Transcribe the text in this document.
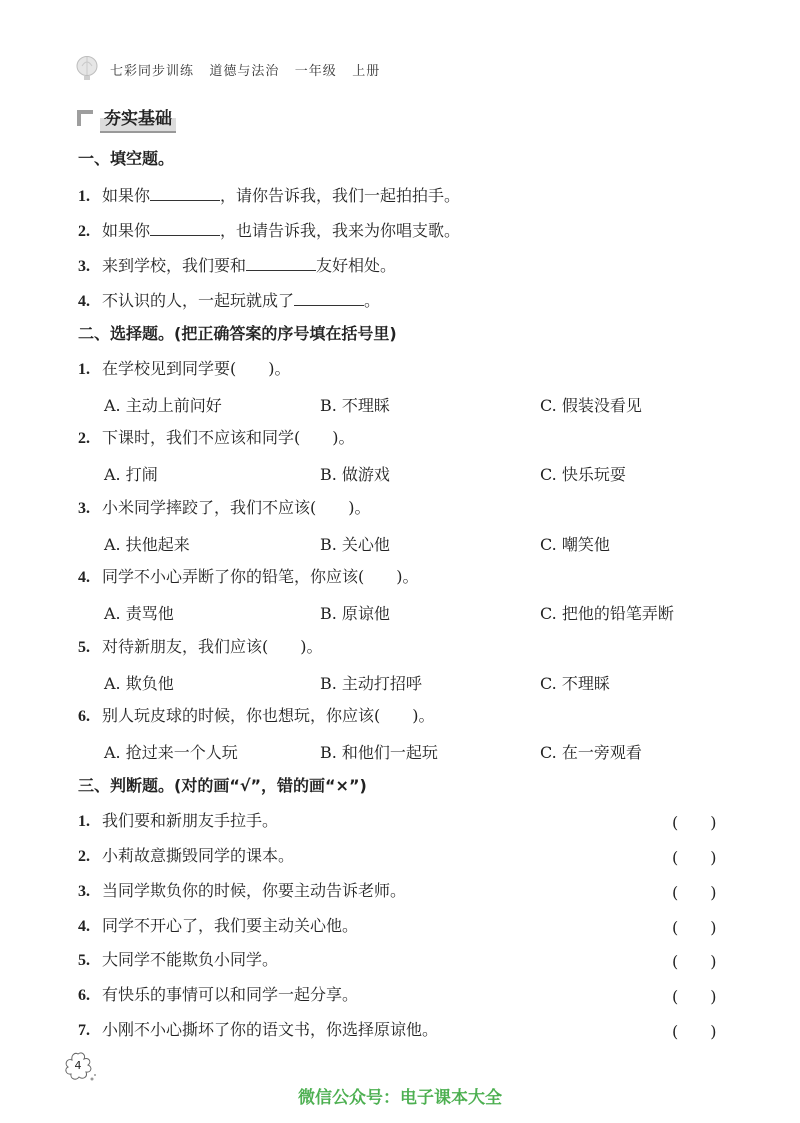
七彩同步训练   道德与法治   一年级   上册
夯实基础
一、填空题。
1. 如果你	，请你告诉我，我们一起拍拍手。
2. 如果你	，也请告诉我，我来为你唱支歌。
3. 来到学校，我们要和	友好相处。
4. 不认识的人，一起玩就成了	。
二、选择题。(把正确答案的序号填在括号里)
1. 在学校见到同学要(　　)。
A. 主动上前问好	B. 不理睬	C. 假装没看见
2. 下课时，我们不应该和同学(　　)。
A. 打闹	B. 做游戏	C. 快乐玩耍
3. 小米同学摔跤了，我们不应该(　　)。
A. 扶他起来	B. 关心他	C. 嘲笑他
4. 同学不小心弄断了你的铅笔，你应该(　　)。
A. 责骂他	B. 原谅他	C. 把他的铅笔弄断
5. 对待新朋友，我们应该(　　)。
A. 欺负他	B. 主动打招呼	C. 不理睬
6. 别人玩皮球的时候，你也想玩，你应该(　　)。
A. 抢过来一个人玩	B. 和他们一起玩	C. 在一旁观看
三、判断题。(对的画“√”，错的画“×”)
1. 我们要和新朋友手拉手。	(　　)
2. 小莉故意撕毁同学的课本。	(　　)
3. 当同学欺负你的时候，你要主动告诉老师。	(　　)
4. 同学不开心了，我们要主动关心他。	(　　)
5. 大同学不能欺负小同学。	(　　)
6. 有快乐的事情可以和同学一起分享。	(　　)
7. 小刚不小心撕坏了你的语文书，你选择原谅他。	(　　)
4
微信公众号：电子课本大全
